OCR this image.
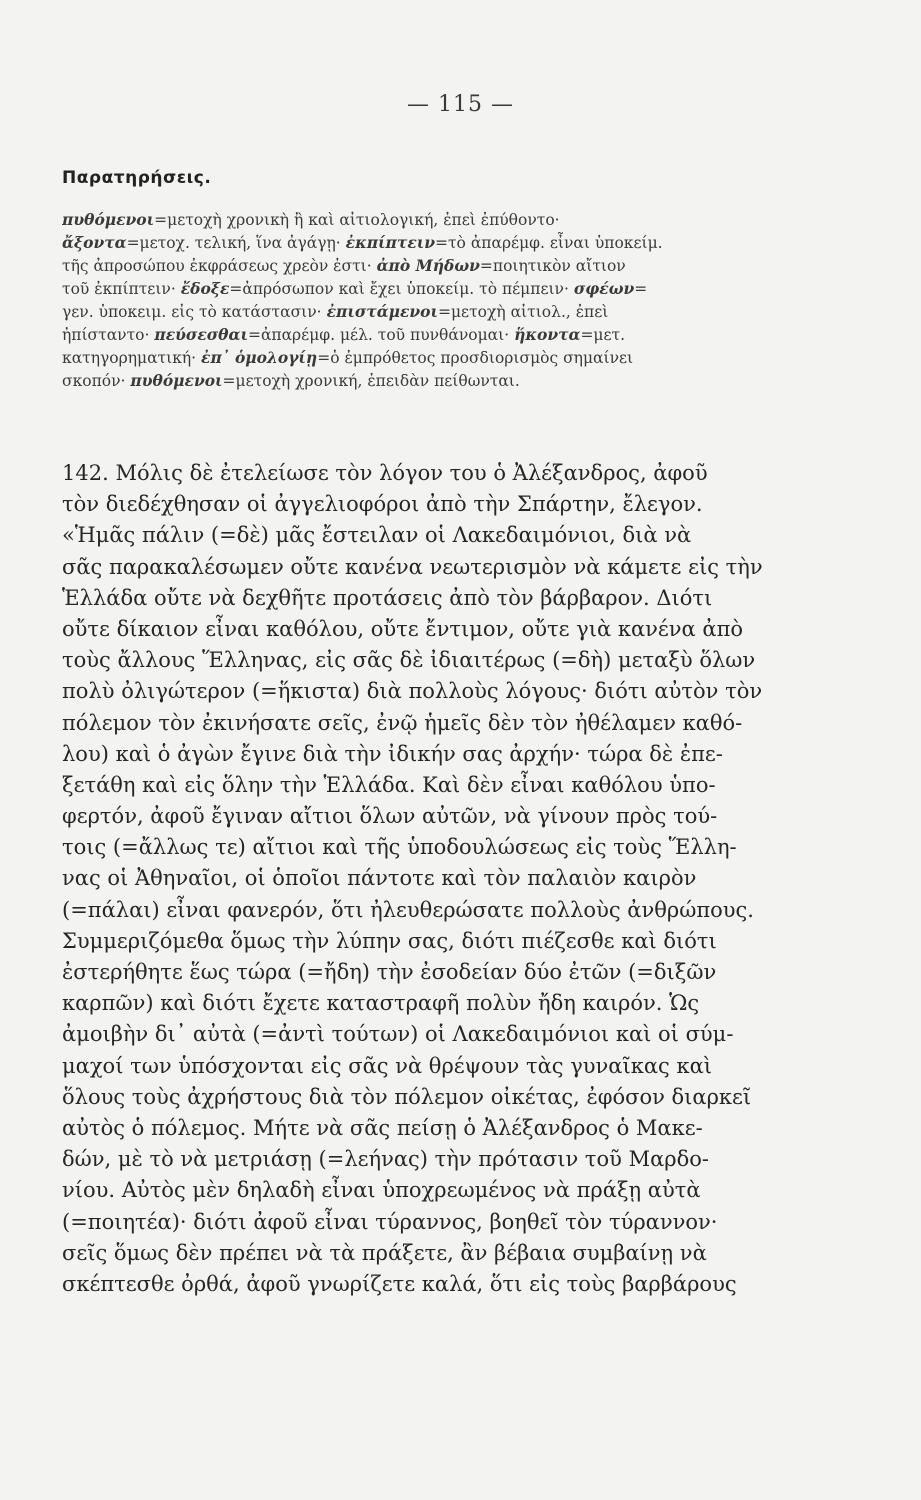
— 115 —
Παρατηρήσεις.
πυθόμενοι=μετοχὴ χρονικὴ ἢ καὶ αἰτιολογική, ἐπεὶ ἐπύθοντο·
ἄξοντα=μετοχ. τελική, ἵνα ἀγάγῃ· ἐκπίπτειν=τὸ ἀπαρέμφ. εἶναι ὑποκείμ.
τῆς ἀπροσώπου ἐκφράσεως χρεὸν ἐστι· ἀπὸ Μήδων=ποιητικὸν αἴτιον
τοῦ ἐκπίπτειν· ἔδοξε=ἀπρόσωπον καὶ ἔχει ὑποκείμ. τὸ πέμπειν· σφέων=
γεν. ὑποκειμ. εἰς τὸ κατάστασιν· ἐπιστάμενοι=μετοχὴ αἰτιολ., ἐπεὶ
ἠπίσταντο· πεύσεσθαι=ἀπαρέμφ. μέλ. τοῦ πυνθάνομαι· ἥκοντα=μετ.
κατηγορηματική· ἐπ᾽ ὁμολογίῃ=ὁ ἐμπρόθετος προσδιορισμὸς σημαίνει
σκοπόν· πυθόμενοι=μετοχὴ χρονική, ἐπειδὰν πείθωνται.
142. Μόλις δὲ ἐτελείωσε τὸν λόγον του ὁ Ἀλέξανδρος, ἀφοῦ
τὸν διεδέχθησαν οἱ ἀγγελιοφόροι ἀπὸ τὴν Σπάρτην, ἔλεγον.
«Ἡμᾶς πάλιν (=δὲ) μᾶς ἔστειλαν οἱ Λακεδαιμόνιοι, διὰ νὰ
σᾶς παρακαλέσωμεν οὔτε κανένα νεωτερισμὸν νὰ κάμετε εἰς τὴν
Ἑλλάδα οὔτε νὰ δεχθῆτε προτάσεις ἀπὸ τὸν βάρβαρον. Διότι
οὔτε δίκαιον εἶναι καθόλου, οὔτε ἔντιμον, οὔτε γιὰ κανένα ἀπὸ
τοὺς ἄλλους Ἕλληνας, εἰς σᾶς δὲ ἰδιαιτέρως (=δὴ) μεταξὺ ὅλων
πολὺ ὀλιγώτερον (=ἥκιστα) διὰ πολλοὺς λόγους· διότι αὐτὸν τὸν
πόλεμον τὸν ἐκινήσατε σεῖς, ἐνῷ ἡμεῖς δὲν τὸν ἠθέλαμεν καθό-
λου) καὶ ὁ ἀγὼν ἔγινε διὰ τὴν ἰδικήν σας ἀρχήν· τώρα δὲ ἐπε-
ξετάθη καὶ εἰς ὅλην τὴν Ἑλλάδα. Καὶ δὲν εἶναι καθόλου ὑπο-
φερτόν, ἀφοῦ ἔγιναν αἴτιοι ὅλων αὐτῶν, νὰ γίνουν πρὸς τού-
τοις (=ἄλλως τε) αἴτιοι καὶ τῆς ὑποδουλώσεως εἰς τοὺς Ἕλλη-
νας οἱ Ἀθηναῖοι, οἱ ὁποῖοι πάντοτε καὶ τὸν παλαιὸν καιρὸν
(=πάλαι) εἶναι φανερόν, ὅτι ἠλευθερώσατε πολλοὺς ἀνθρώπους.
Συμμεριζόμεθα ὅμως τὴν λύπην σας, διότι πιέζεσθε καὶ διότι
ἐστερήθητε ἕως τώρα (=ἤδη) τὴν ἐσοδείαν δύο ἐτῶν (=διξῶν
καρπῶν) καὶ διότι ἔχετε καταστραφῆ πολὺν ἤδη καιρόν. Ὡς
ἀμοιβὴν δι᾽ αὐτὰ (=ἀντὶ τούτων) οἱ Λακεδαιμόνιοι καὶ οἱ σύμ-
μαχοί των ὑπόσχονται εἰς σᾶς νὰ θρέψουν τὰς γυναῖκας καὶ
ὅλους τοὺς ἀχρήστους διὰ τὸν πόλεμον οἰκέτας, ἐφόσον διαρκεῖ
αὐτὸς ὁ πόλεμος. Μήτε νὰ σᾶς πείσῃ ὁ Ἀλέξανδρος ὁ Μακε-
δών, μὲ τὸ νὰ μετριάσῃ (=λεήνας) τὴν πρότασιν τοῦ Μαρδο-
νίου. Αὐτὸς μὲν δηλαδὴ εἶναι ὑποχρεωμένος νὰ πράξῃ αὐτὰ
(=ποιητέα)· διότι ἀφοῦ εἶναι τύραννος, βοηθεῖ τὸν τύραννον·
σεῖς ὅμως δὲν πρέπει νὰ τὰ πράξετε, ἂν βέβαια συμβαίνῃ νὰ
σκέπτεσθε ὀρθά, ἀφοῦ γνωρίζετε καλά, ὅτι εἰς τοὺς βαρβάρους
